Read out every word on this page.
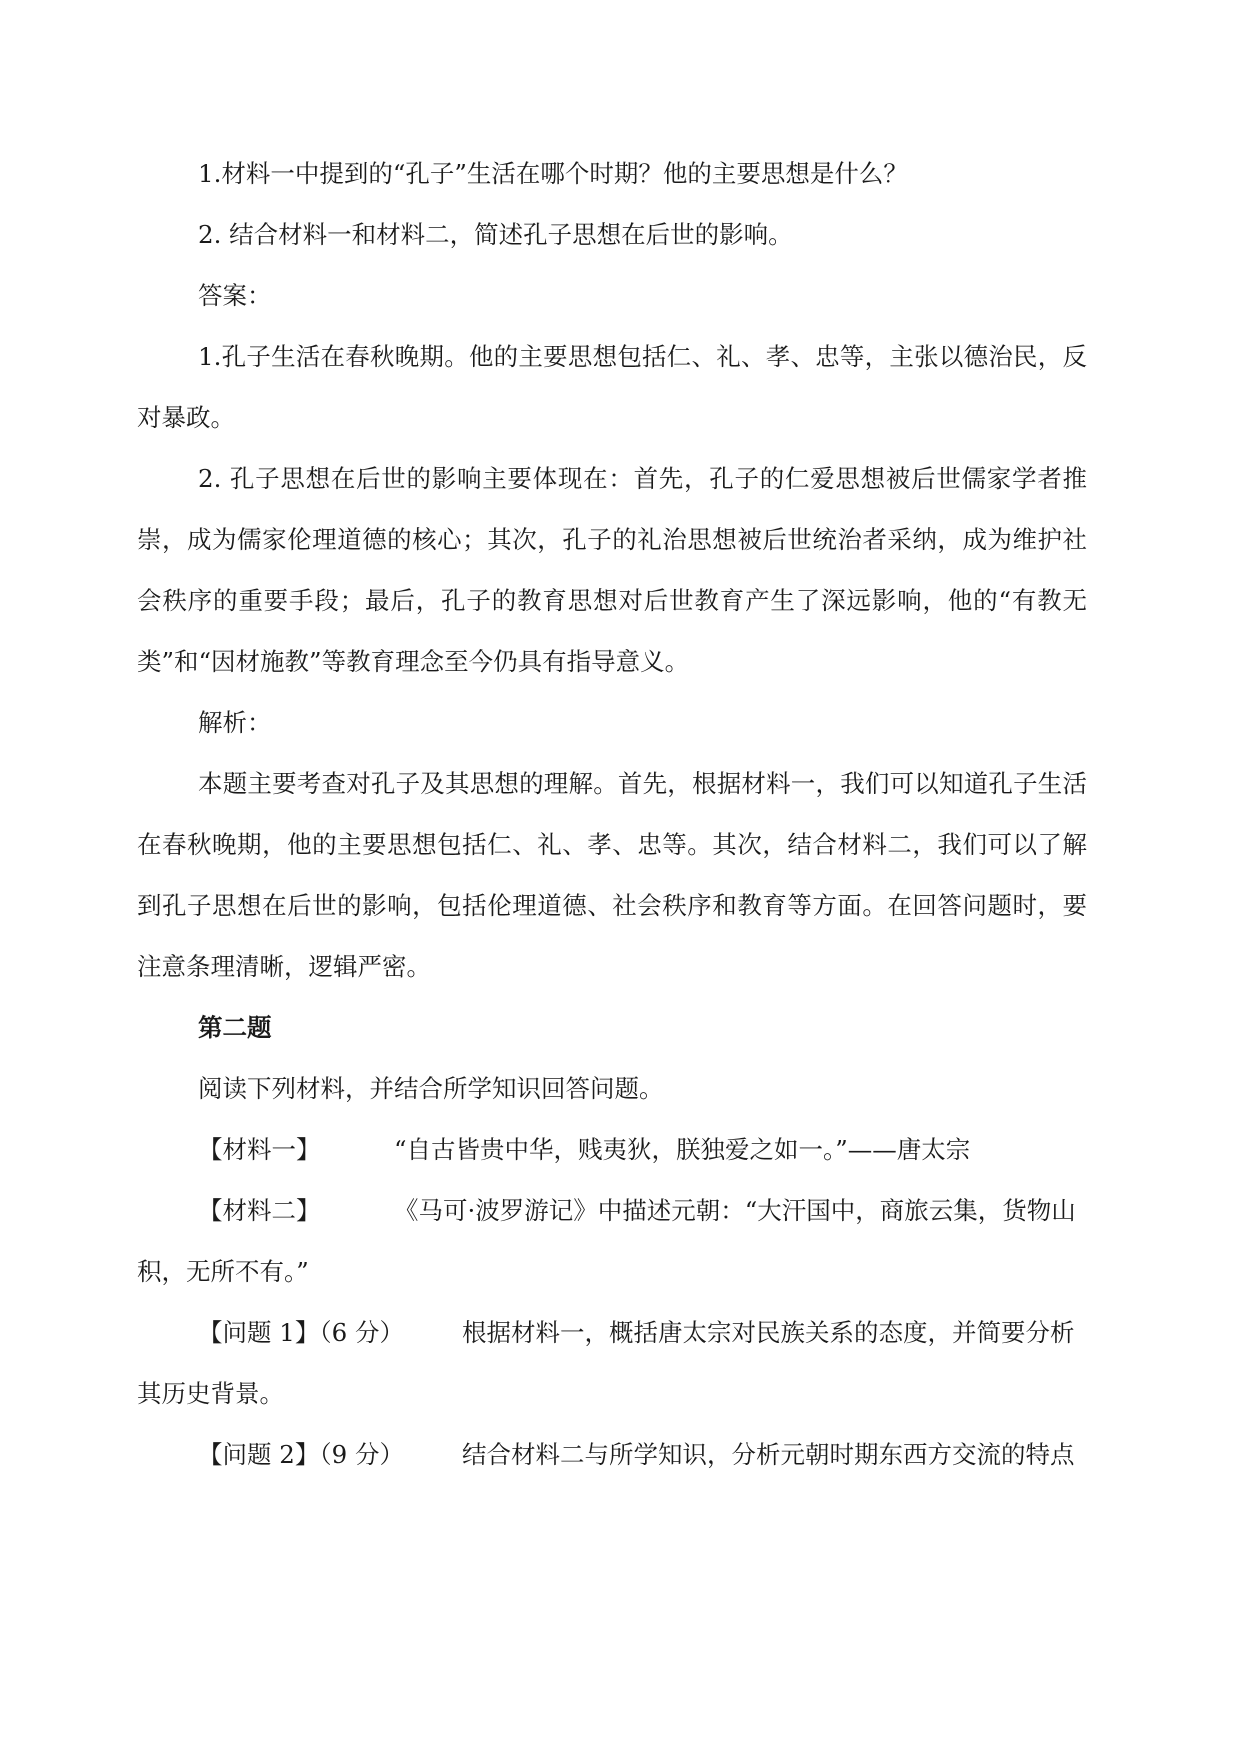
1.材料一中提到的“孔子”生活在哪个时期？他的主要思想是什么？

2. 结合材料一和材料二，简述孔子思想在后世的影响。

答案：

1.孔子生活在春秋晚期。他的主要思想包括仁、礼、孝、忠等，主张以德治民，反对暴政。

2. 孔子思想在后世的影响主要体现在：首先，孔子的仁爱思想被后世儒家学者推崇，成为儒家伦理道德的核心；其次，孔子的礼治思想被后世统治者采纳，成为维护社会秩序的重要手段；最后，孔子的教育思想对后世教育产生了深远影响，他的“有教无类”和“因材施教”等教育理念至今仍具有指导意义。

解析：

本题主要考查对孔子及其思想的理解。首先，根据材料一，我们可以知道孔子生活在春秋晚期，他的主要思想包括仁、礼、孝、忠等。其次，结合材料二，我们可以了解到孔子思想在后世的影响，包括伦理道德、社会秩序和教育等方面。在回答问题时，要注意条理清晰，逻辑严密。

第二题

阅读下列材料，并结合所学知识回答问题。

【材料一】	“自古皆贵中华，贱夷狄，朕独爱之如一。”——唐太宗
【材料二】	《马可·波罗游记》中描述元朝：“大汗国中，商旅云集，货物山

积，无所不有。”

【问题 1】（6 分）	根据材料一，概括唐太宗对民族关系的态度，并简要分析

其历史背景。

【问题 2】（9 分）	结合材料二与所学知识，分析元朝时期东西方交流的特点
